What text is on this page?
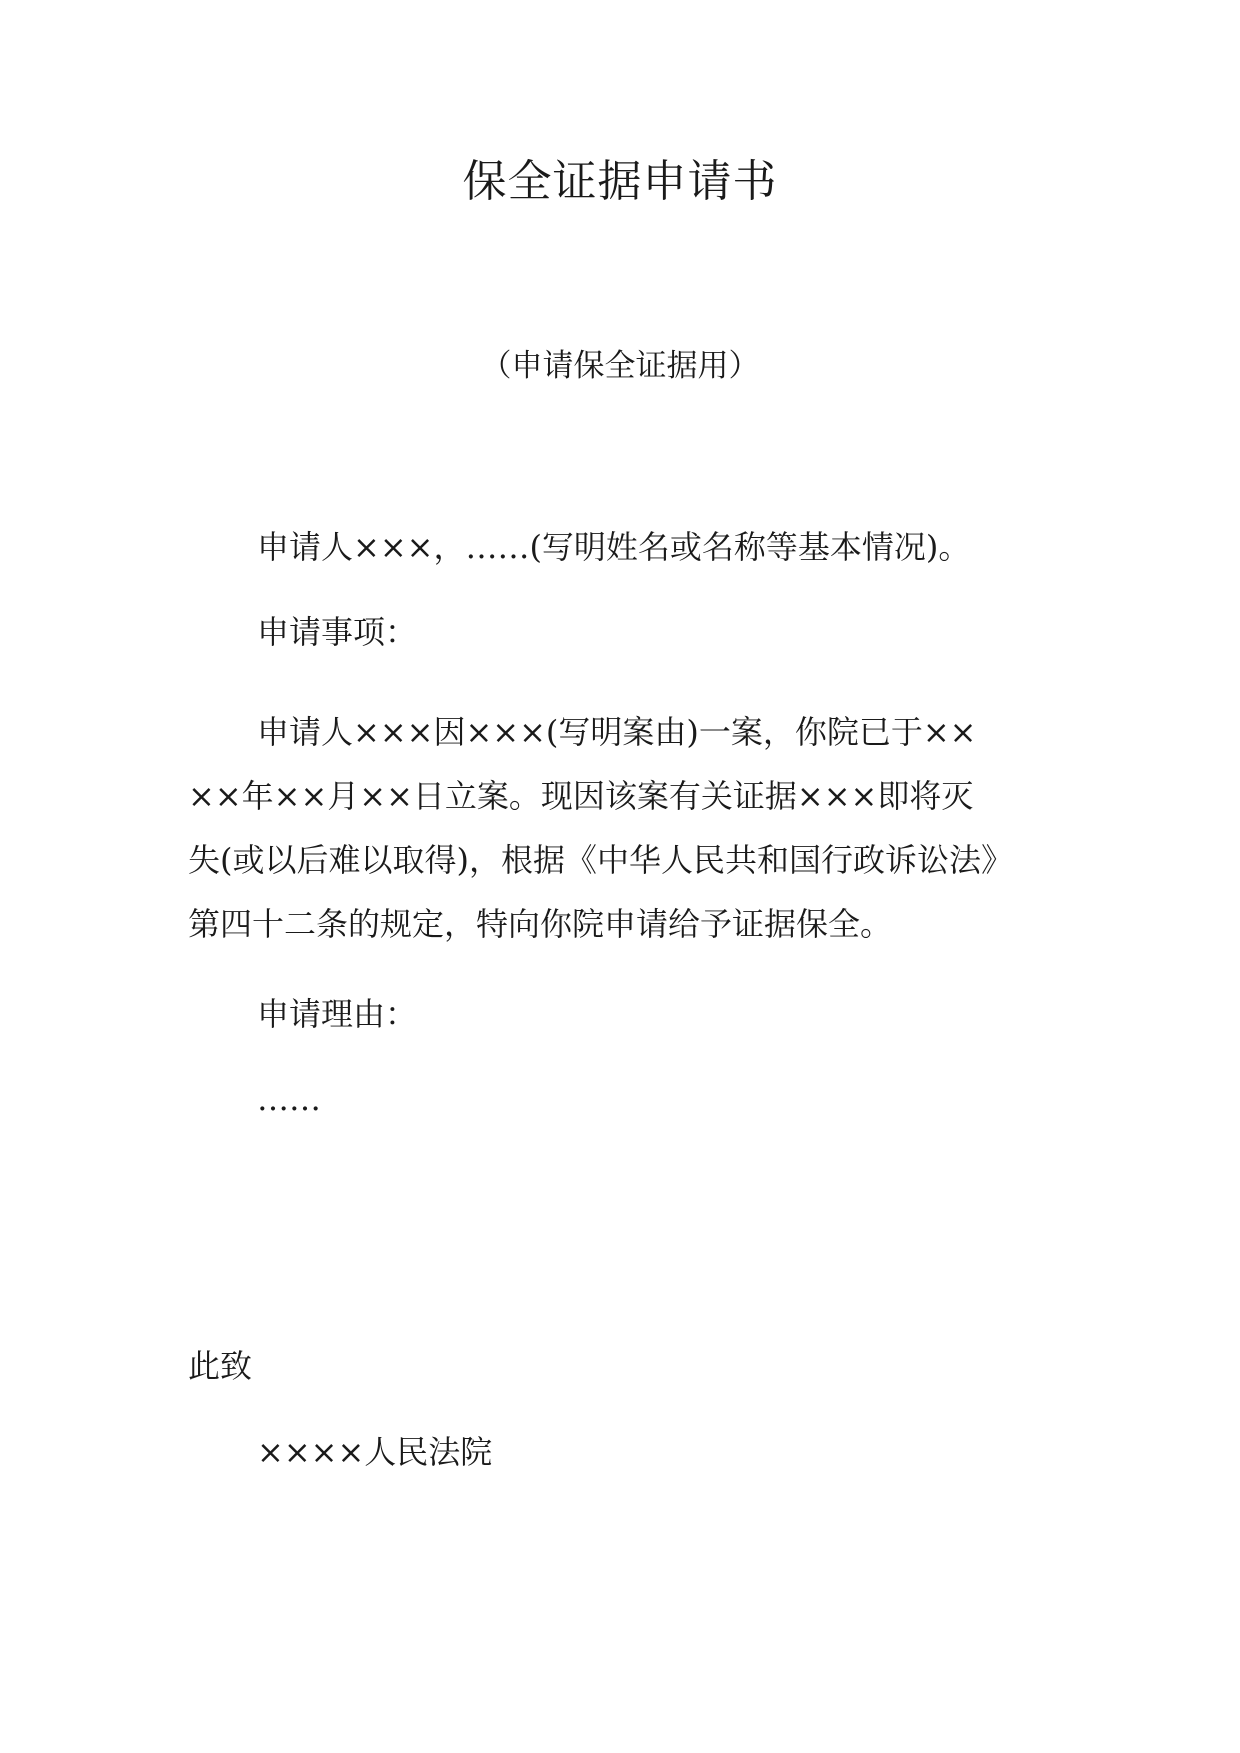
保全证据申请书
（申请保全证据用）
申请人×××，……(写明姓名或名称等基本情况)。
申请事项：
申请人×××因×××(写明案由)一案，你院已于××
××年××月××日立案。现因该案有关证据×××即将灭
失(或以后难以取得)，根据《中华人民共和国行政诉讼法》
第四十二条的规定，特向你院申请给予证据保全。
申请理由：
……
此致
××××人民法院
